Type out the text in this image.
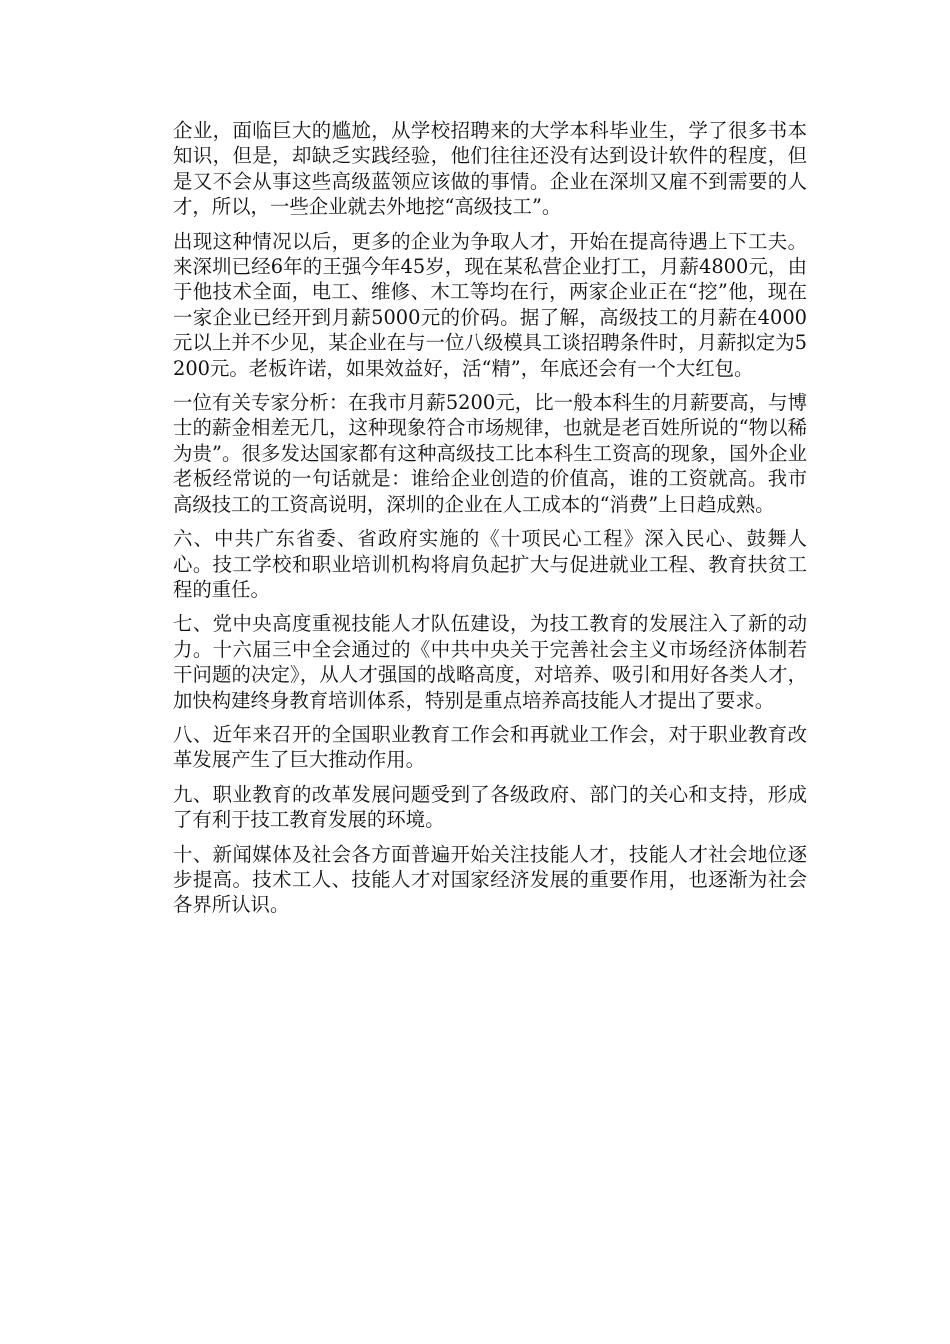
企业，面临巨大的尴尬，从学校招聘来的大学本科毕业生，学了很多书本知识，但是，却缺乏实践经验，他们往往还没有达到设计软件的程度，但是又不会从事这些高级蓝领应该做的事情。企业在深圳又雇不到需要的人才，所以，一些企业就去外地挖“高级技工”。

出现这种情况以后，更多的企业为争取人才，开始在提高待遇上下工夫。来深圳已经6年的王强今年45岁，现在某私营企业打工，月薪4800元，由于他技术全面，电工、维修、木工等均在行，两家企业正在“挖”他，现在一家企业已经开到月薪5000元的价码。据了解，高级技工的月薪在4000元以上并不少见，某企业在与一位八级模具工谈招聘条件时，月薪拟定为5200元。老板许诺，如果效益好，活“精”，年底还会有一个大红包。

一位有关专家分析：在我市月薪5200元，比一般本科生的月薪要高，与博士的薪金相差无几，这种现象符合市场规律，也就是老百姓所说的“物以稀为贵”。很多发达国家都有这种高级技工比本科生工资高的现象，国外企业老板经常说的一句话就是：谁给企业创造的价值高，谁的工资就高。我市高级技工的工资高说明，深圳的企业在人工成本的“消费”上日趋成熟。

六、中共广东省委、省政府实施的《十项民心工程》深入民心、鼓舞人心。技工学校和职业培训机构将肩负起扩大与促进就业工程、教育扶贫工程的重任。

七、党中央高度重视技能人才队伍建设，为技工教育的发展注入了新的动力。十六届三中全会通过的《中共中央关于完善社会主义市场经济体制若干问题的决定》，从人才强国的战略高度，对培养、吸引和用好各类人才，加快构建终身教育培训体系，特别是重点培养高技能人才提出了要求。

八、近年来召开的全国职业教育工作会和再就业工作会，对于职业教育改革发展产生了巨大推动作用。

九、职业教育的改革发展问题受到了各级政府、部门的关心和支持，形成了有利于技工教育发展的环境。

十、新闻媒体及社会各方面普遍开始关注技能人才，技能人才社会地位逐步提高。技术工人、技能人才对国家经济发展的重要作用，也逐渐为社会各界所认识。
